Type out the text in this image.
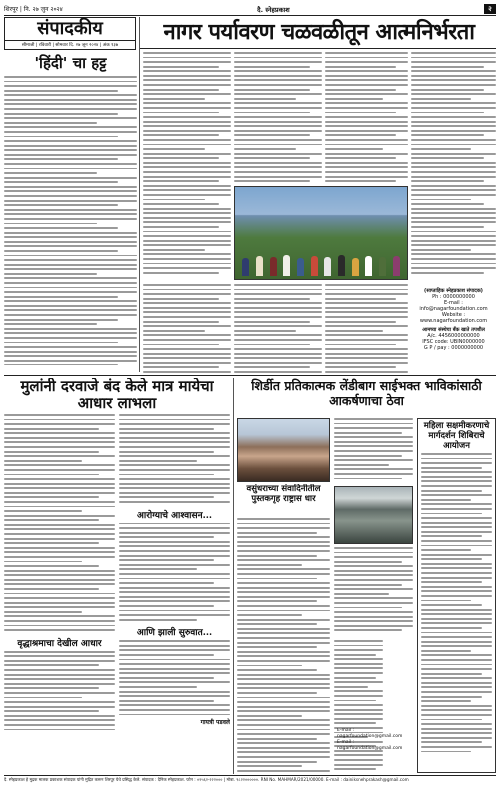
शिरपूर | नि. २७ जुन २०२४	दै. स्नेहप्रकाश	२
संपादकीय
सीमाजी | रविवारी | सोमवार दि. २७ जून २०२४ | अंक १३७
नागर पर्यावरण चळवळीतून आत्मनिर्भरता
'हिंदी' चा हट्ट
मुलांनी दरवाजे बंद केले मात्र मायेचा आधार लाभला
वृद्धाश्रमाचा देखील आधार
आरोग्याचे आश्वासन...
आणि झाली सुरुवात...
गायत्री पडवले
वसुंधराच्या संवादिनीतील पुस्तकगृह राष्ट्रास धार
शिर्डीत प्रतिकात्मक लेंडीबाग साईभक्त भाविकांसाठी आकर्षणाचा ठेवा
महिला सक्षमीकरणाचे मार्गदर्शन शिबिराचे आयोजन
(साप्ताहिक स्नेहप्रकाश संपादक)
Ph : 0000000000
E-mail : info@nagarfoundation.com
Website : www.nagarfoundation.com
आमच्या संस्थेचा बँक खाते तपशील
A/c. 4456000000000
IFSC code: UBIN0000000
G P / pay : 0000000000
E-mail : nagarfoundation@gmail.com
E-mail : nagarfoundation@gmail.com
दै. स्नेहप्रकाश हे मुद्रक मालक प्रकाशक संपादक यांनी मुद्रित करून शिरपूर येथे प्रसिद्ध केले. संपादक : दैनिक स्नेहप्रकाश. फोन : ०२५६२-२२२००० | मोबा. ९८२२००००००. RNI No. MAHMAR/2021/00000. E-mail : dainiksnehprakash@gmail.com
